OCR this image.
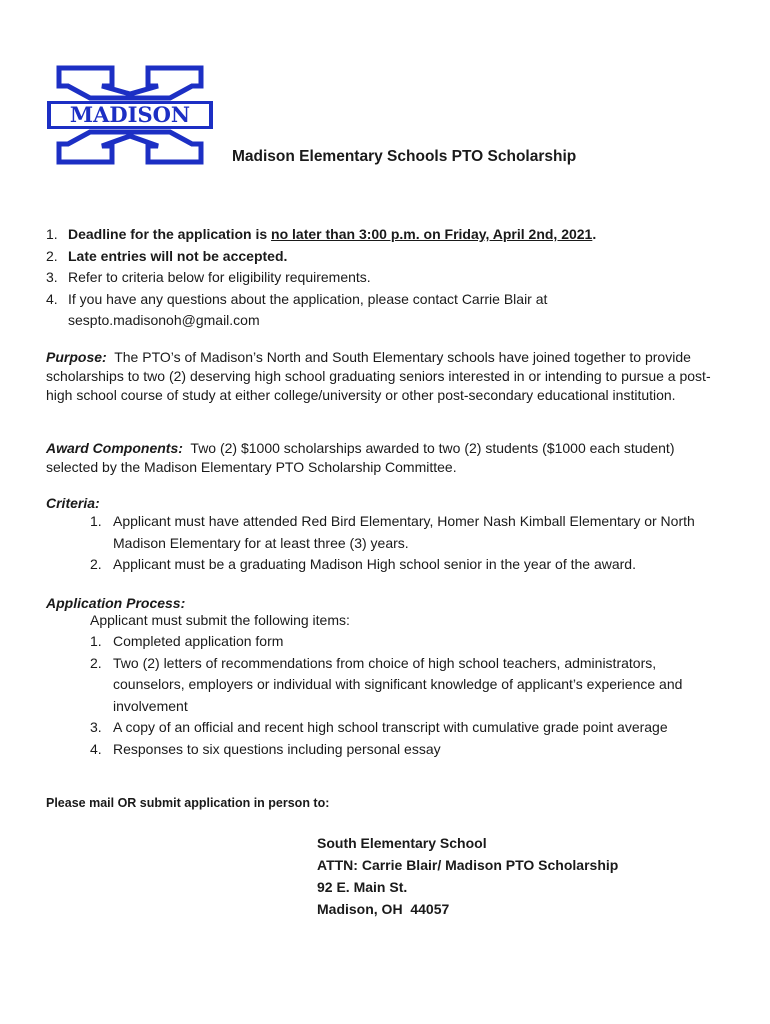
MADISON
Madison Elementary Schools PTO Scholarship
1. Deadline for the application is no later than 3:00 p.m. on Friday, April 2nd, 2021.
2. Late entries will not be accepted.
3. Refer to criteria below for eligibility requirements.
4. If you have any questions about the application, please contact Carrie Blair at
sespto.madisonoh@gmail.com

Purpose: The PTO’s of Madison’s North and South Elementary schools have joined together to provide scholarships to two (2) deserving high school graduating seniors interested in or intending to pursue a post-high school course of study at either college/university or other post-secondary educational institution.

Award Components: Two (2) $1000 scholarships awarded to two (2) students ($1000 each student) selected by the Madison Elementary PTO Scholarship Committee.

Criteria:

1. Applicant must have attended Red Bird Elementary, Homer Nash Kimball Elementary or North Madison Elementary for at least three (3) years.
2. Applicant must be a graduating Madison High school senior in the year of the award.

Application Process:

Applicant must submit the following items:
1. Completed application form
2. Two (2) letters of recommendations from choice of high school teachers, administrators, counselors, employers or individual with significant knowledge of applicant’s experience and involvement
3. A copy of an official and recent high school transcript with cumulative grade point average
4. Responses to six questions including personal essay
Please mail OR submit application in person to:
South Elementary School
ATTN: Carrie Blair/ Madison PTO Scholarship
92 E. Main St.
Madison, OH  44057
